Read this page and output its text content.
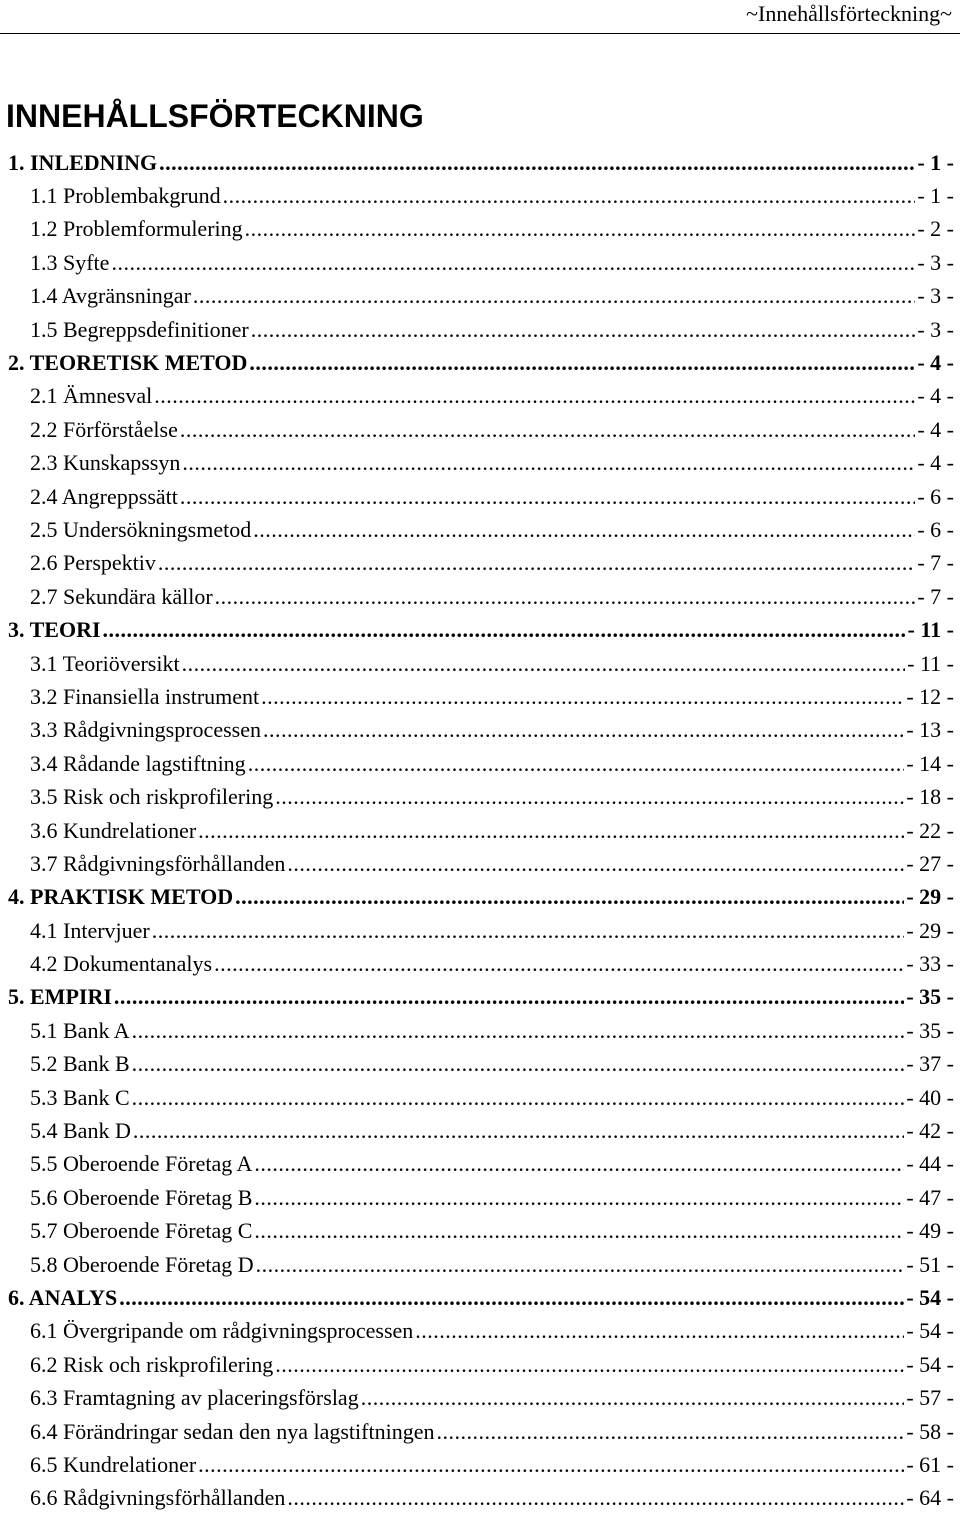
~Innehållsförteckning~
INNEHÅLLSFÖRTECKNING
1. INLEDNING .....	- 1 -
1.1 Problembakgrund .....	- 1 -
1.2 Problemformulering .....	- 2 -
1.3 Syfte .....	- 3 -
1.4 Avgränsningar .....	- 3 -
1.5 Begreppsdefinitioner .....	- 3 -
2. TEORETISK METOD .....	- 4 -
2.1 Ämnesval .....	- 4 -
2.2 Förförståelse .....	- 4 -
2.3 Kunskapssyn .....	- 4 -
2.4 Angreppssätt .....	- 6 -
2.5 Undersökningsmetod .....	- 6 -
2.6 Perspektiv .....	- 7 -
2.7 Sekundära källor .....	- 7 -
3. TEORI .....	- 11 -
3.1 Teoriöversikt .....	- 11 -
3.2 Finansiella instrument .....	- 12 -
3.3 Rådgivningsprocessen .....	- 13 -
3.4 Rådande lagstiftning .....	- 14 -
3.5 Risk och riskprofilering .....	- 18 -
3.6 Kundrelationer .....	- 22 -
3.7 Rådgivningsförhållanden .....	- 27 -
4. PRAKTISK METOD .....	- 29 -
4.1 Intervjuer .....	- 29 -
4.2 Dokumentanalys .....	- 33 -
5. EMPIRI .....	- 35 -
5.1 Bank A .....	- 35 -
5.2 Bank B .....	- 37 -
5.3 Bank C .....	- 40 -
5.4 Bank D .....	- 42 -
5.5 Oberoende Företag A .....	- 44 -
5.6 Oberoende Företag B .....	- 47 -
5.7 Oberoende Företag C .....	- 49 -
5.8 Oberoende Företag D .....	- 51 -
6. ANALYS .....	- 54 -
6.1 Övergripande om rådgivningsprocessen .....	- 54 -
6.2 Risk och riskprofilering .....	- 54 -
6.3 Framtagning av placeringsförslag .....	- 57 -
6.4 Förändringar sedan den nya lagstiftningen .....	- 58 -
6.5 Kundrelationer .....	- 61 -
6.6 Rådgivningsförhållanden .....	- 64 -
